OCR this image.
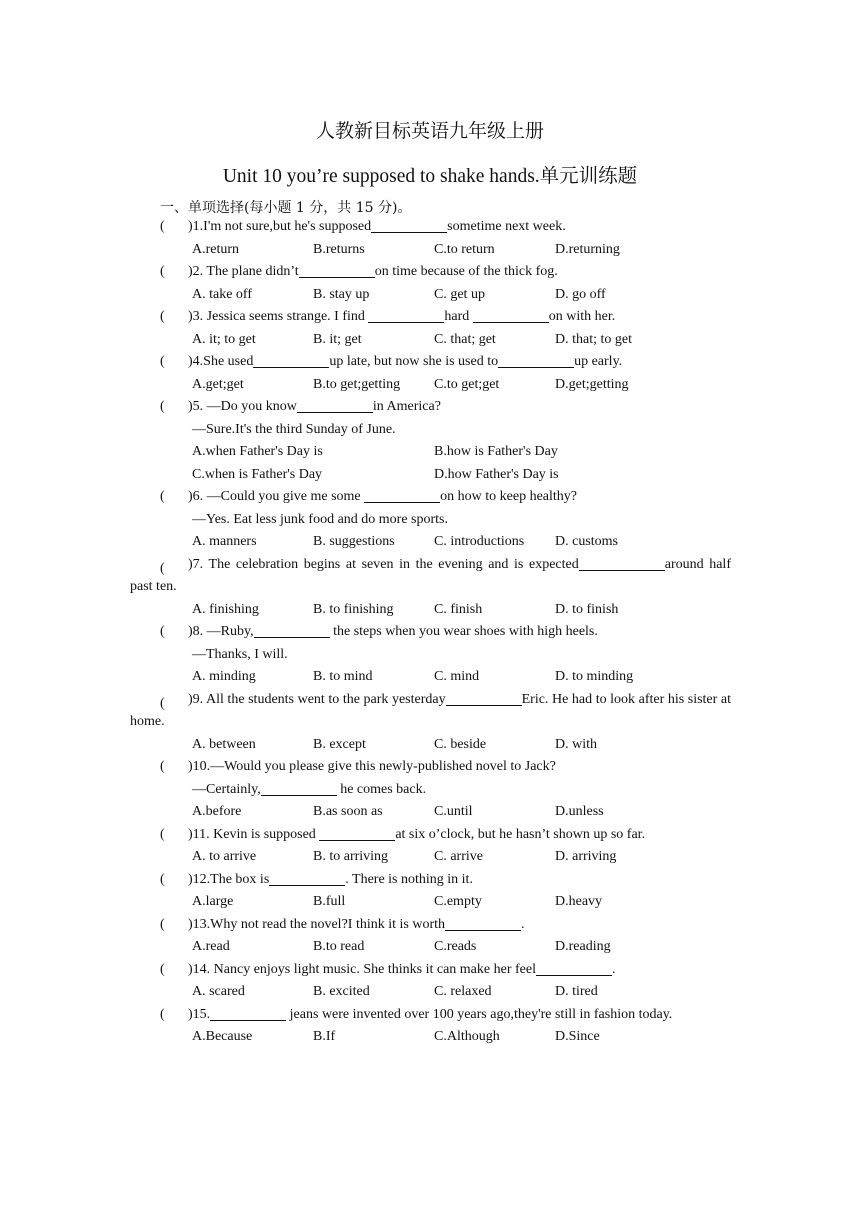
人教新目标英语九年级上册
Unit 10 you’re supposed to shake hands.单元训练题
一、单项选择(每小题 1 分，共 15 分)。
( )1.I'm not sure,but he's supposed	sometime next week.
A.return	B.returns	C.to return	D.returning
( )2. The plane didn’t	on time because of the thick fog.
A. take off	B. stay up	C. get up	D. go off
( )3. Jessica seems strange. I find	hard	on with her.
A. it; to get	B. it; get	C. that; get	D. that; to get
( )4.She used	up late, but now she is used to	up early.
A.get;get	B.to get;getting	C.to get;get	D.get;getting
( )5. —Do you know	in America?
—Sure.It's the third Sunday of June.
A.when Father's Day is	B.how is Father's Day
C.when is Father's Day	D.how Father's Day is
( )6. —Could you give me some	on how to keep healthy?
—Yes. Eat less junk food and do more sports.
A. manners	B. suggestions	C. introductions	D. customs
( )7. The celebration begins at seven in the evening and is expected	around half past ten.
A. finishing	B. to finishing	C. finish	D. to finish
( )8. —Ruby,	the steps when you wear shoes with high heels.
—Thanks, I will.
A. minding	B. to mind	C. mind	D. to minding
( )9. All the students went to the park yesterday	Eric. He had to look after his sister at home.
A. between	B. except	C. beside	D. with
( )10.—Would you please give this newly-published novel to Jack?
—Certainly,	he comes back.
A.before	B.as soon as	C.until	D.unless
( )11. Kevin is supposed	at six o’clock, but he hasn’t shown up so far.
A. to arrive	B. to arriving	C. arrive	D. arriving
( )12.The box is	. There is nothing in it.
A.large	B.full	C.empty	D.heavy
( )13.Why not read the novel?I think it is worth	.
A.read	B.to read	C.reads	D.reading
( )14. Nancy enjoys light music. She thinks it can make her feel	.
A. scared	B. excited	C. relaxed	D. tired
( )15.	jeans were invented over 100 years ago,they're still in fashion today.
A.Because	B.If	C.Although	D.Since
